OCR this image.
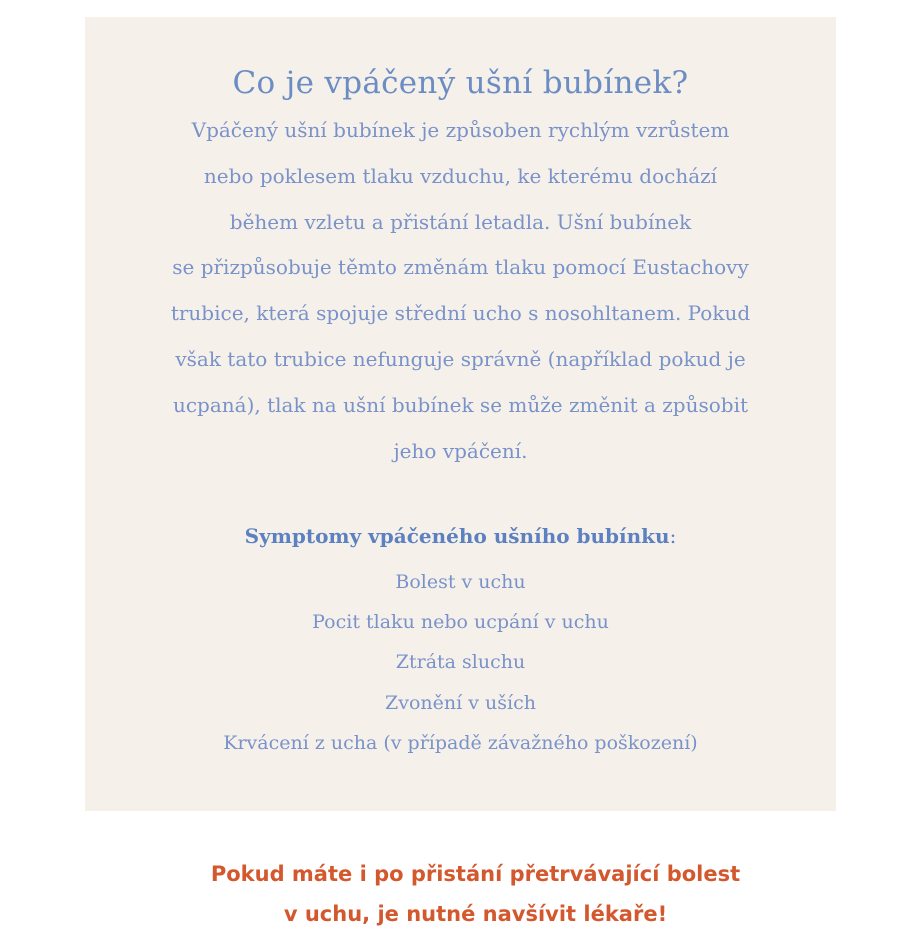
Co je vpáčený ušní bubínek?

Vpáčený ušní bubínek je způsoben rychlým vzrůstem
nebo poklesem tlaku vzduchu, ke kterému dochází
během vzletu a přistání letadla. Ušní bubínek
se přizpůsobuje těmto změnám tlaku pomocí Eustachovy
trubice, která spojuje střední ucho s nosohltanem. Pokud
však tato trubice nefunguje správně (například pokud je
ucpaná), tlak na ušní bubínek se může změnit a způsobit
jeho vpáčení.

Symptomy vpáčeného ušního bubínku:

Bolest v uchu
Pocit tlaku nebo ucpání v uchu
Ztráta sluchu
Zvonění v uších
Krvácení z ucha (v případě závažného poškození)

Pokud máte i po přistání přetrvávající bolest
v uchu, je nutné navšívit lékaře!
